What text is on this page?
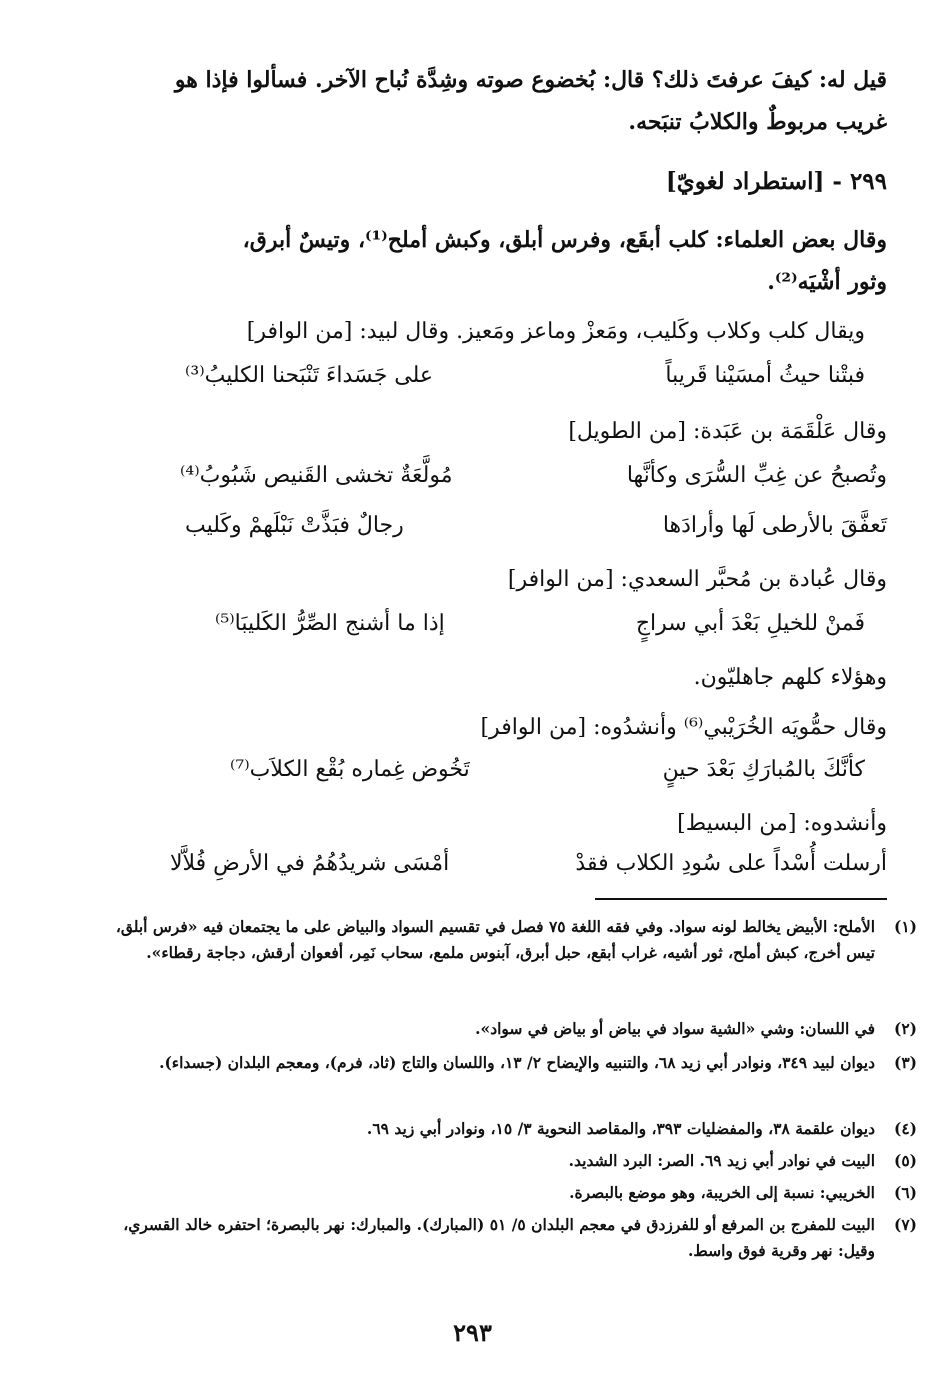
قيل له: كيفَ عرفتَ ذلك؟ قال: بُخضوع صوته وشِدَّة نُباح الآخر. فسألوا فإذا هو

غريب مربوطٌ والكلابُ تنبَحه.

٢٩٩ - [استطراد لغويّ]

وقال بعض العلماء: كلب أبقَع، وفرس أبلق، وكبش أملح⁽¹⁾، وتيسٌ أبرق،

وثور أشْيَه⁽²⁾.

ويقال كلب وكلاب وكَليب، ومَعزْ وماعز ومَعيز. وقال لبيد: [من الوافر]

فبتْنا حيثُ أمسَيْنا قَريباً
على جَسَداءَ تَنْبَحنا الكليبُ⁽³⁾

وقال عَلْقَمَة بن عَبَدة: [من الطويل]

وتُصبحُ عن غِبِّ السُّرَى وكأنَّها
مُولَّعَةٌ تخشى القَنيص شَبُوبُ⁽⁴⁾
تَعفَّقَ بالأرطى لَها وأرادَها
رجالٌ فبَذَّتْ نَبْلَهمْ وكَليب

وقال عُبادة بن مُحبَّر السعدي: [من الوافر]

فَمنْ للخيلِ بَعْدَ أبي سراجٍ
إذا ما أشنج الصِّرُّ الكَليبَا⁽⁵⁾

وهؤلاء كلهم جاهليّون.

وقال حمُّويَه الخُرَيْبي⁽⁶⁾ وأنشدُوه: [من الوافر]

كأنَّكَ بالمُبارَكِ بَعْدَ حينٍ
تَخُوض غِماره بُقْع الكلاَب⁽⁷⁾

وأنشدوه: [من البسيط]

أرسلت أُسْداً على سُودِ الكلاب فقدْ
أمْسَى شريدُهُمُ في الأرضِ فُلاَّلا
(١)
الأملح: الأبيض يخالط لونه سواد. وفي فقه اللغة ٧٥ فصل في تقسيم السواد والبياض على ما يجتمعان فيه «فرس أبلق، تيس أخرج، كبش أملح، ثور أشيه، غراب أبقع، حبل أبرق، آبنوس ملمع، سحاب نَمِر، أفعوان أرقش، دجاجة رقطاء».
(٢)
في اللسان: وشي «الشية سواد في بياض أو بياض في سواد».
(٣)
ديوان لبيد ٣٤٩، ونوادر أبي زيد ٦٨، والتنبيه والإيضاح ٢/ ١٣، واللسان والتاج (ثاد، فرم)، ومعجم البلدان (جسداء).
(٤)
ديوان علقمة ٣٨، والمفضليات ٣٩٣، والمقاصد النحوية ٣/ ١٥، ونوادر أبي زيد ٦٩.
(٥)
البيت في نوادر أبي زيد ٦٩. الصر: البرد الشديد.
(٦)
الخريبي: نسبة إلى الخريبة، وهو موضع بالبصرة.
(٧)
البيت للمفرج بن المرفع أو للفرزدق في معجم البلدان ٥/ ٥١ (المبارك). والمبارك: نهر بالبصرة؛ احتفره خالد القسري، وقيل: نهر وقرية فوق واسط.
٢٩٣
